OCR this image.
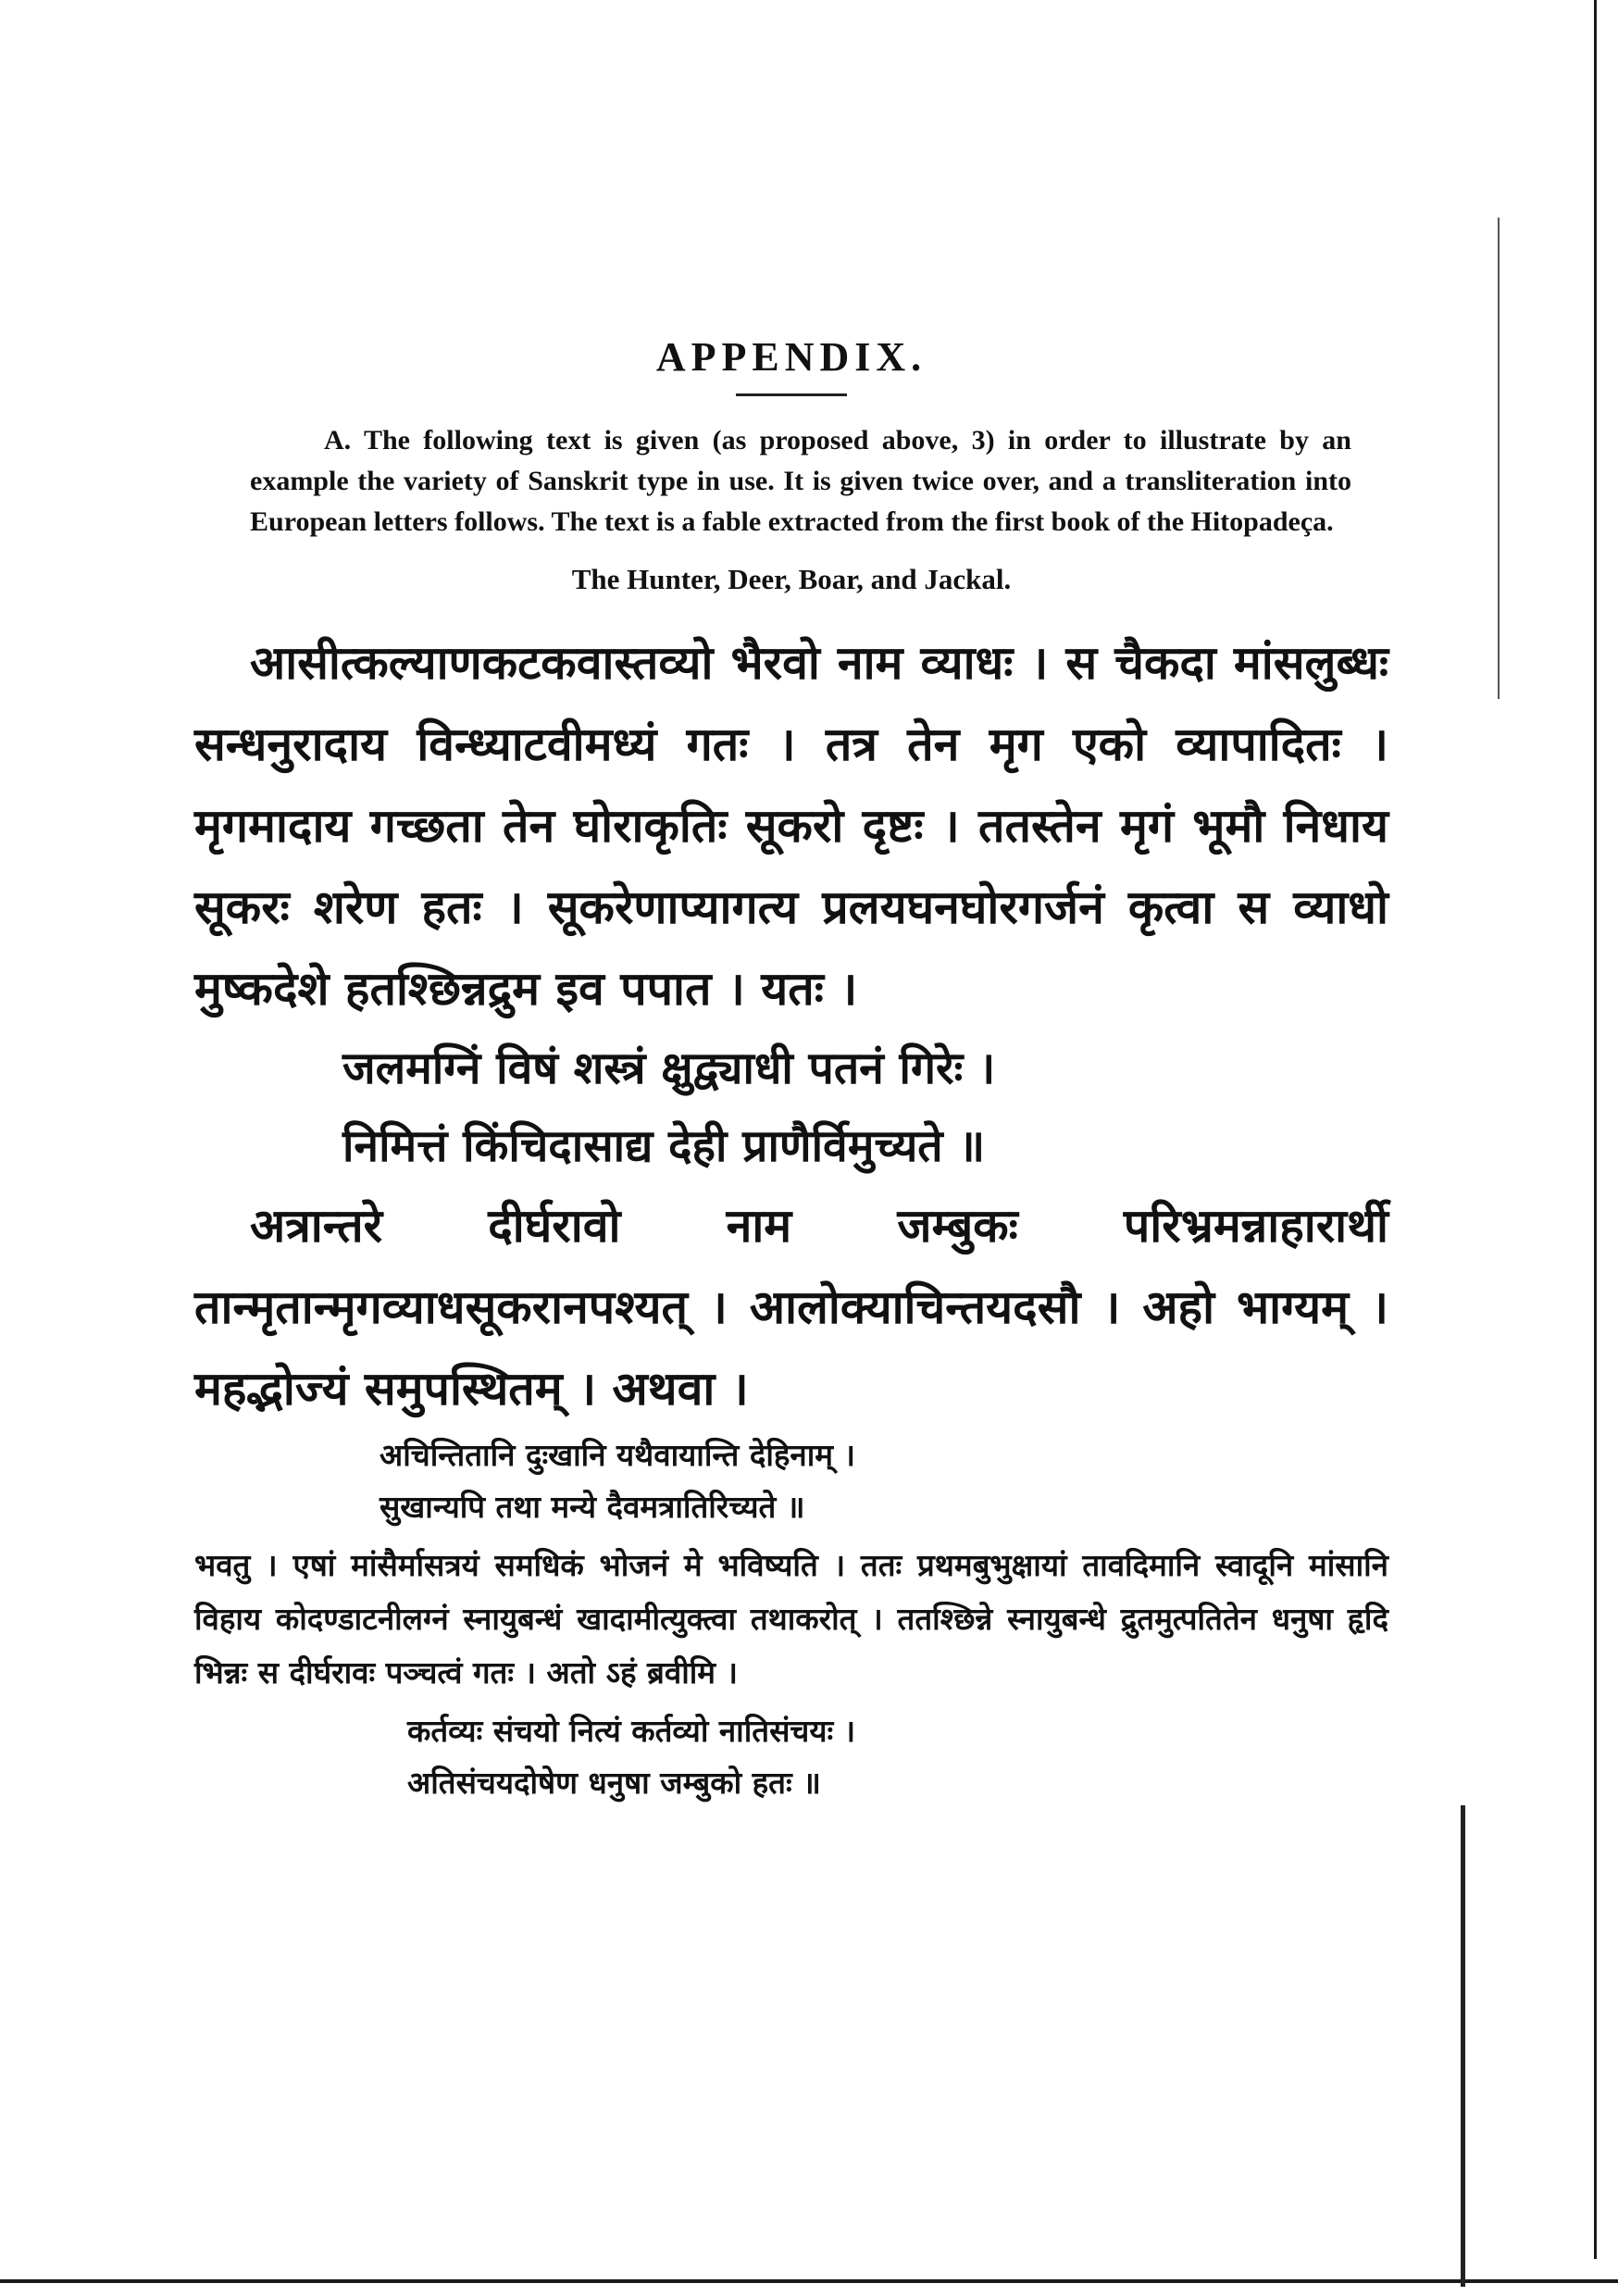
APPENDIX.

A. The following text is given (as proposed above, 3) in order to illustrate by an example the variety of Sanskrit type in use. It is given twice over, and a transliteration into European letters follows. The text is a fable extracted from the first book of the Hitopadeça.

The Hunter, Deer, Boar, and Jackal.

आसीत्कल्याणकटकवास्तव्यो भैरवो नाम व्याधः । स चैकदा मांसलुब्धः सन्धनुरादाय विन्ध्याटवीमध्यं गतः । तत्र तेन मृग एको व्यापादितः । मृगमादाय गच्छता तेन घोराकृतिः सूकरो दृष्टः । ततस्तेन मृगं भूमौ निधाय सूकरः शरेण हतः । सूकरेणाप्यागत्य प्रलयघनघोरगर्जनं कृत्वा स व्याधो मुष्कदेशे हतश्छिन्नद्रुम इव पपात । यतः ।

जलमग्निं विषं शस्त्रं क्षुद्व्याधी पतनं गिरेः ।

निमित्तं किंचिदासाद्य देही प्राणैर्विमुच्यते ॥

अत्रान्तरे दीर्घरावो नाम जम्बुकः परिभ्रमन्नाहारार्थी तान्मृतान्मृगव्याधसूकरानपश्यत् । आलोक्याचिन्तयदसौ । अहो भाग्यम् । महद्भोज्यं समुपस्थितम् । अथवा ।

अचिन्तितानि दुःखानि यथैवायान्ति देहिनाम् ।

सुखान्यपि तथा मन्ये दैवमत्रातिरिच्यते ॥

भवतु । एषां मांसैर्मासत्रयं समधिकं भोजनं मे भविष्यति । ततः प्रथमबुभुक्षायां तावदिमानि स्वादूनि मांसानि विहाय कोदण्डाटनीलग्नं स्नायुबन्धं खादामीत्युक्त्वा तथाकरोत् । ततश्छिन्ने स्नायुबन्धे द्रुतमुत्पतितेन धनुषा हृदि भिन्नः स दीर्घरावः पञ्चत्वं गतः । अतो ऽहं ब्रवीमि ।

कर्तव्यः संचयो नित्यं कर्तव्यो नातिसंचयः ।

अतिसंचयदोषेण धनुषा जम्बुको हतः ॥
